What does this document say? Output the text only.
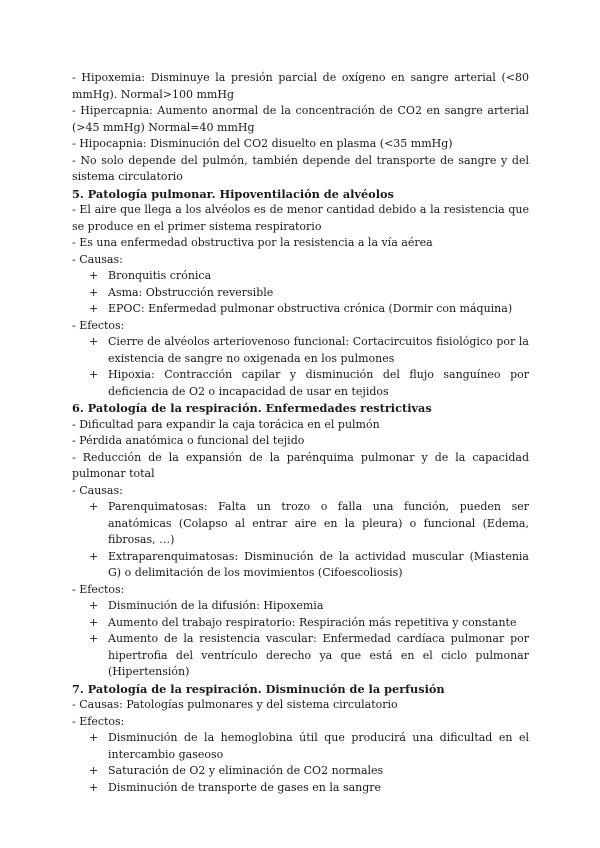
- Hipoxemia: Disminuye la presión parcial de oxígeno en sangre arterial (<80 mmHg). Normal>100 mmHg

- Hipercapnia: Aumento anormal de la concentración de CO2 en sangre arterial (>45 mmHg) Normal=40 mmHg

- Hipocapnia: Disminución del CO2 disuelto en plasma (<35 mmHg)

- No solo depende del pulmón, también depende del transporte de sangre y del sistema circulatorio

5. Patología pulmonar. Hipoventilación de alvéolos

- El aire que llega a los alvéolos es de menor cantidad debido a la resistencia que se produce en el primer sistema respiratorio

- Es una enfermedad obstructiva por la resistencia a la vía aérea

- Causas:

+ Bronquitis crónica
+ Asma: Obstrucción reversible
+ EPOC: Enfermedad pulmonar obstructiva crónica (Dormir con máquina)

- Efectos:

+ Cierre de alvéolos arteriovenoso funcional: Cortacircuitos fisiológico por la existencia de sangre no oxigenada en los pulmones
+ Hipoxia: Contracción capilar y disminución del flujo sanguíneo por deficiencia de O2 o incapacidad de usar en tejidos

6. Patología de la respiración. Enfermedades restrictivas

- Dificultad para expandir la caja torácica en el pulmón

- Pérdida anatómica o funcional del tejido

- Reducción de la expansión de la parénquima pulmonar y de la capacidad pulmonar total

- Causas:

+ Parenquimatosas: Falta un trozo o falla una función, pueden ser anatómicas (Colapso al entrar aire en la pleura) o funcional (Edema, fibrosas, …)
+ Extraparenquimatosas: Disminución de la actividad muscular (Miastenia G) o delimitación de los movimientos (Cifoescoliosis)

- Efectos:

+ Disminución de la difusión: Hipoxemia
+ Aumento del trabajo respiratorio: Respiración más repetitiva y constante
+ Aumento de la resistencia vascular: Enfermedad cardíaca pulmonar por hipertrofia del ventrículo derecho ya que está en el ciclo pulmonar (Hipertensión)

7. Patología de la respiración. Disminución de la perfusión

- Causas: Patologías pulmonares y del sistema circulatorio

- Efectos:

+ Disminución de la hemoglobina útil que producirá una dificultad en el intercambio gaseoso
+ Saturación de O2 y eliminación de CO2 normales
+ Disminución de transporte de gases en la sangre
